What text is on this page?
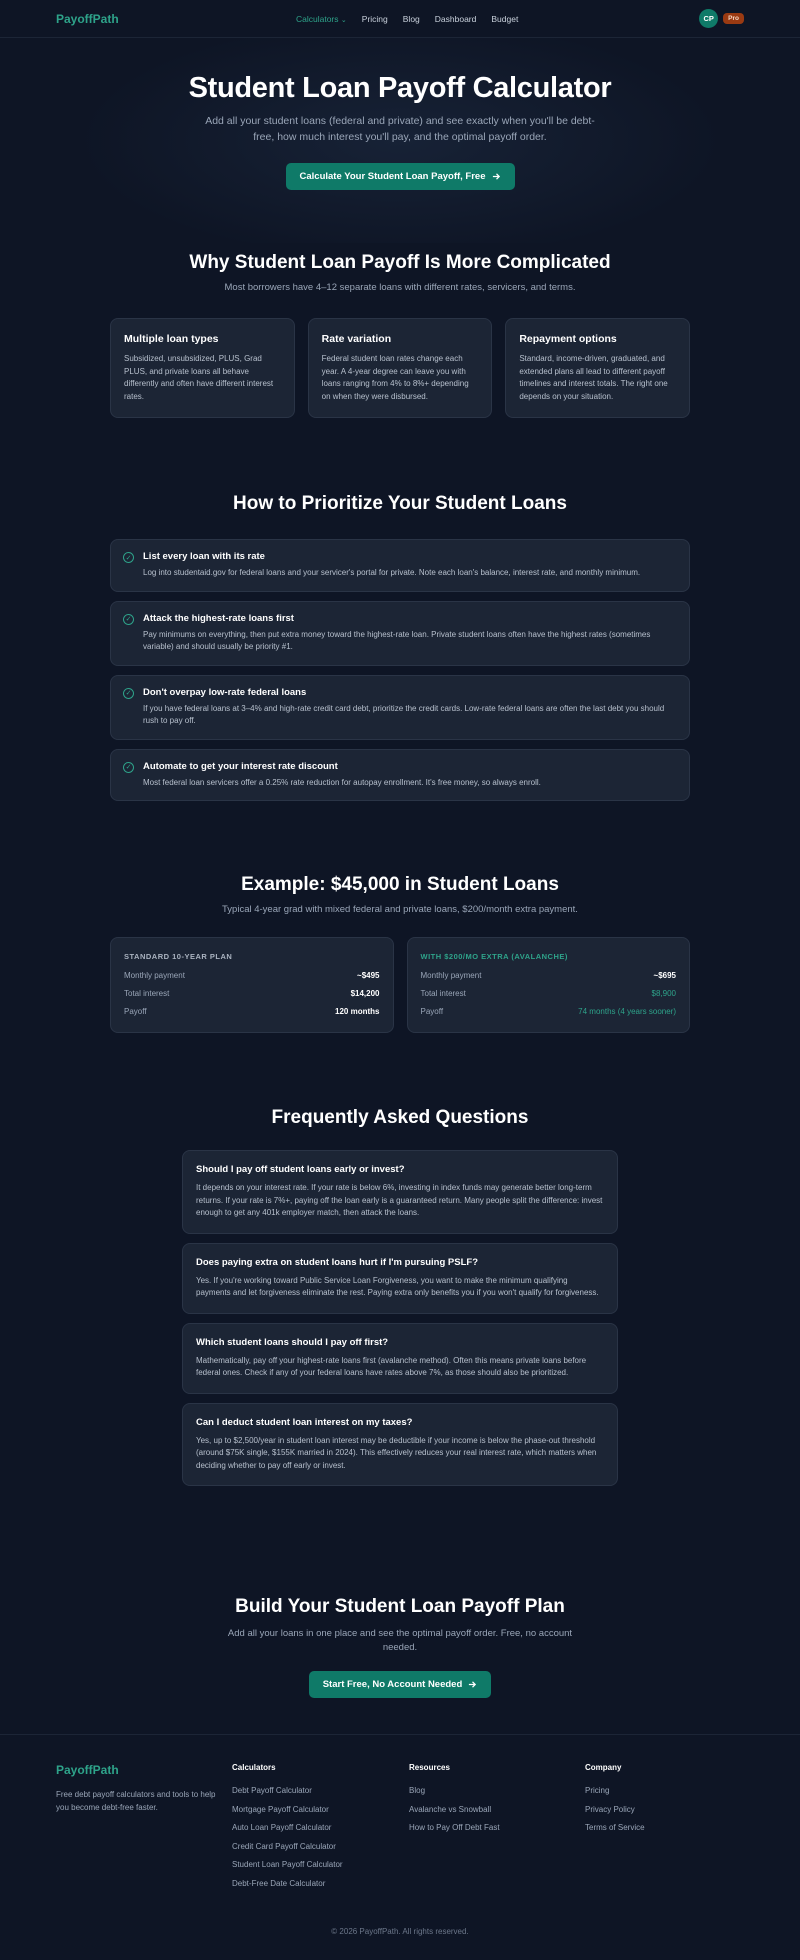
PayoffPath	Calculators ⌄ Pricing Blog Dashboard Budget	CP	Pro
Student Loan Payoff Calculator

Add all your student loans (federal and private) and see exactly when you'll be debt-free, how much interest you'll pay, and the optimal payoff order.

Calculate Your Student Loan Payoff, Free
Why Student Loan Payoff Is More Complicated
Most borrowers have 4–12 separate loans with different rates, servicers, and terms.
Multiple loan types

Subsidized, unsubsidized, PLUS, Grad PLUS, and private loans all behave differently and often have different interest rates.

Rate variation

Federal student loan rates change each year. A 4-year degree can leave you with loans ranging from 4% to 8%+ depending on when they were disbursed.

Repayment options

Standard, income-driven, graduated, and extended plans all lead to different payoff timelines and interest totals. The right one depends on your situation.

How to Prioritize Your Student Loans
✓ List every loan with its rate

Log into studentaid.gov for federal loans and your servicer's portal for private. Note each loan's balance, interest rate, and monthly minimum.

✓ Attack the highest-rate loans first

Pay minimums on everything, then put extra money toward the highest-rate loan. Private student loans often have the highest rates (sometimes variable) and should usually be priority #1.

✓ Don't overpay low-rate federal loans

If you have federal loans at 3–4% and high-rate credit card debt, prioritize the credit cards. Low-rate federal loans are often the last debt you should rush to pay off.

✓ Automate to get your interest rate discount

Most federal loan servicers offer a 0.25% rate reduction for autopay enrollment. It's free money, so always enroll.

Example: $45,000 in Student Loans
Typical 4-year grad with mixed federal and private loans, $200/month extra payment.
STANDARD 10-YEAR PLAN
Monthly payment	~$495
Total interest	$14,200
Payoff	120 months
WITH $200/MO EXTRA (AVALANCHE)
Monthly payment	~$695
Total interest	$8,900
Payoff	74 months (4 years sooner)
Frequently Asked Questions
Should I pay off student loans early or invest?

It depends on your interest rate. If your rate is below 6%, investing in index funds may generate better long-term returns. If your rate is 7%+, paying off the loan early is a guaranteed return. Many people split the difference: invest enough to get any 401k employer match, then attack the loans.

Does paying extra on student loans hurt if I'm pursuing PSLF?

Yes. If you're working toward Public Service Loan Forgiveness, you want to make the minimum qualifying payments and let forgiveness eliminate the rest. Paying extra only benefits you if you won't qualify for forgiveness.

Which student loans should I pay off first?

Mathematically, pay off your highest-rate loans first (avalanche method). Often this means private loans before federal ones. Check if any of your federal loans have rates above 7%, as those should also be prioritized.

Can I deduct student loan interest on my taxes?

Yes, up to $2,500/year in student loan interest may be deductible if your income is below the phase-out threshold (around $75K single, $155K married in 2024). This effectively reduces your real interest rate, which matters when deciding whether to pay off early or invest.

Build Your Student Loan Payoff Plan

Add all your loans in one place and see the optimal payoff order. Free, no account needed.

Start Free, No Account Needed
PayoffPath
Free debt payoff calculators and tools to help you become debt-free faster.
Calculators
Debt Payoff Calculator
Mortgage Payoff Calculator
Auto Loan Payoff Calculator
Credit Card Payoff Calculator
Student Loan Payoff Calculator
Debt-Free Date Calculator
Resources
Blog
Avalanche vs Snowball
How to Pay Off Debt Fast
Company
Pricing
Privacy Policy
Terms of Service
© 2026 PayoffPath. All rights reserved.
